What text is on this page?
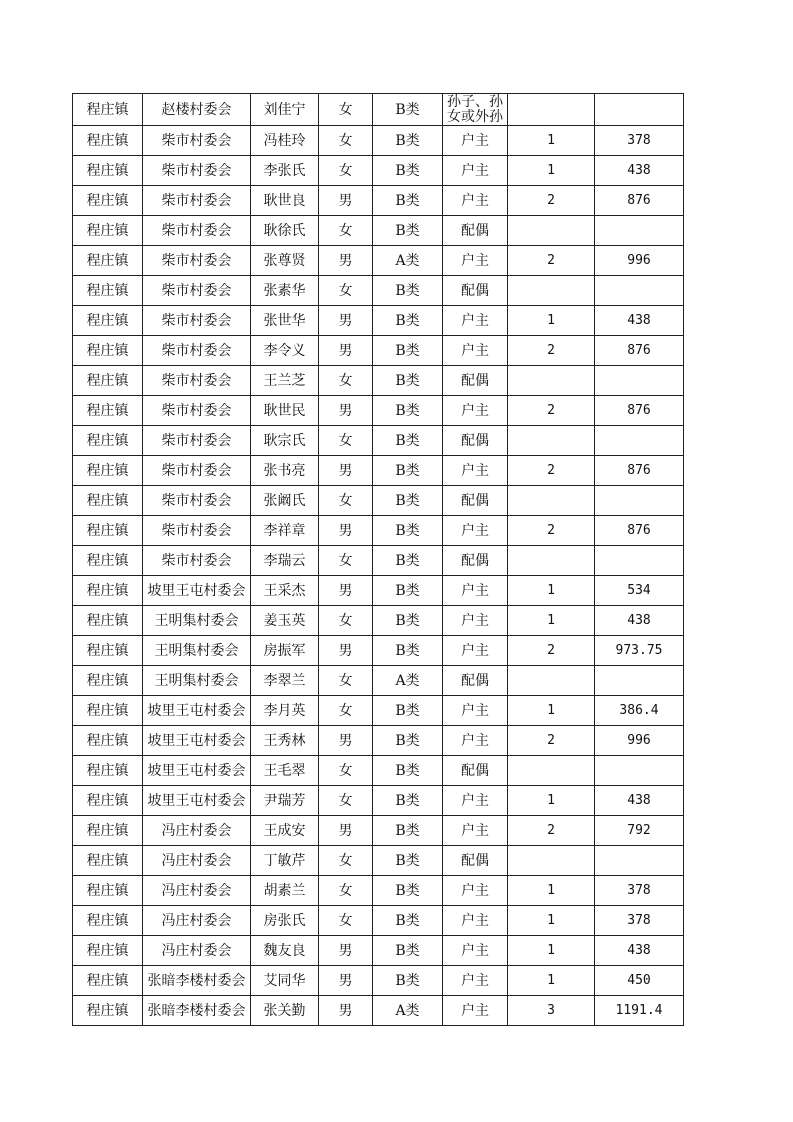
程庄镇	赵楼村委会	刘佳宁	女	B类	孙子、孙女或外孙		
程庄镇	柴市村委会	冯桂玲	女	B类	户主	1	378
程庄镇	柴市村委会	李张氏	女	B类	户主	1	438
程庄镇	柴市村委会	耿世良	男	B类	户主	2	876
程庄镇	柴市村委会	耿徐氏	女	B类	配偶		
程庄镇	柴市村委会	张尊贤	男	A类	户主	2	996
程庄镇	柴市村委会	张素华	女	B类	配偶		
程庄镇	柴市村委会	张世华	男	B类	户主	1	438
程庄镇	柴市村委会	李令义	男	B类	户主	2	876
程庄镇	柴市村委会	王兰芝	女	B类	配偶		
程庄镇	柴市村委会	耿世民	男	B类	户主	2	876
程庄镇	柴市村委会	耿宗氏	女	B类	配偶		
程庄镇	柴市村委会	张书亮	男	B类	户主	2	876
程庄镇	柴市村委会	张阚氏	女	B类	配偶		
程庄镇	柴市村委会	李祥章	男	B类	户主	2	876
程庄镇	柴市村委会	李瑞云	女	B类	配偶		
程庄镇	坡里王屯村委会	王采杰	男	B类	户主	1	534
程庄镇	王明集村委会	姜玉英	女	B类	户主	1	438
程庄镇	王明集村委会	房振军	男	B类	户主	2	973.75
程庄镇	王明集村委会	李翠兰	女	A类	配偶		
程庄镇	坡里王屯村委会	李月英	女	B类	户主	1	386.4
程庄镇	坡里王屯村委会	王秀林	男	B类	户主	2	996
程庄镇	坡里王屯村委会	王毛翠	女	B类	配偶		
程庄镇	坡里王屯村委会	尹瑞芳	女	B类	户主	1	438
程庄镇	冯庄村委会	王成安	男	B类	户主	2	792
程庄镇	冯庄村委会	丁敏芹	女	B类	配偶		
程庄镇	冯庄村委会	胡素兰	女	B类	户主	1	378
程庄镇	冯庄村委会	房张氏	女	B类	户主	1	378
程庄镇	冯庄村委会	魏友良	男	B类	户主	1	438
程庄镇	张暗李楼村委会	艾同华	男	B类	户主	1	450
程庄镇	张暗李楼村委会	张关勤	男	A类	户主	3	1191.4
